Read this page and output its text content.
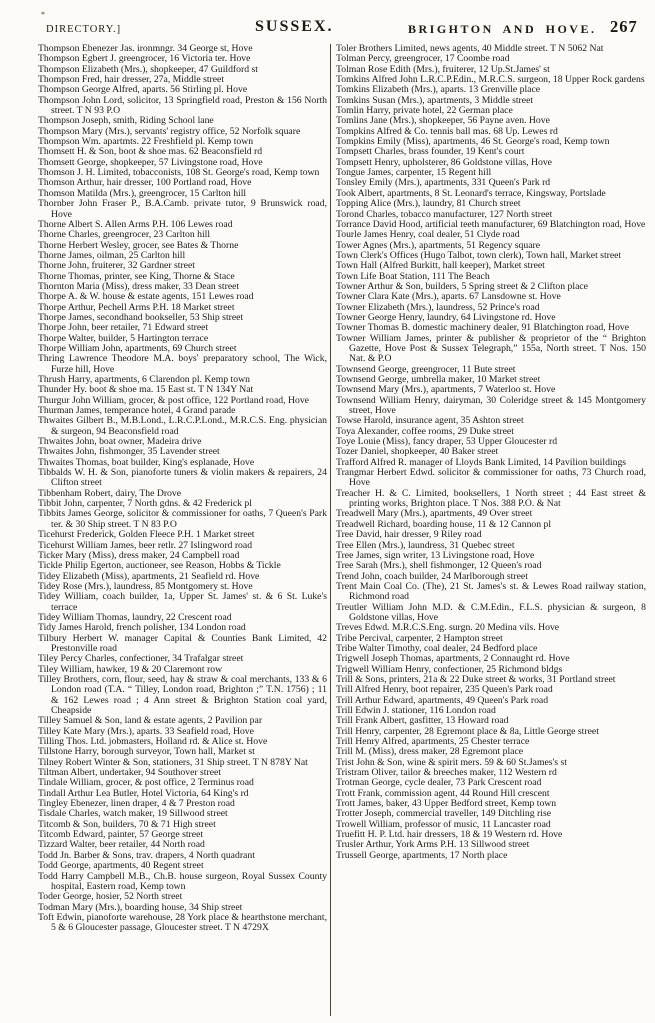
*
DIRECTORY.]	SUSSEX.	BRIGHTON AND HOVE. 267
Thompson Ebenezer Jas. ironmngr. 34 George st, Hove
Thompson Egbert J. greengrocer, 16 Victoria ter. Hove
Thompson Elizabeth (Mrs.), shopkeeper, 47 Guildford st
Thompson Fred, hair dresser, 27a, Middle street
Thompson George Alfred, aparts. 56 Stirling pl. Hove
Thompson John Lord, solicitor, 13 Springfield road, Preston & 156 North street. T N 93 P.O
Thompson Joseph, smith, Riding School lane
Thompson Mary (Mrs.), servants' registry office, 52 Norfolk square
Thompson Wm. apartmts. 22 Freshfield pl. Kemp town
Thomsett H. & Son, boot & shoe mas. 62 Beaconsfield rd
Thomsett George, shopkeeper, 57 Livingstone road, Hove
Thomson J. H. Limited, tobacconists, 108 St. George's road, Kemp town
Thomson Arthur, hair dresser, 100 Portland road, Hove
Thomson Matilda (Mrs.), greengrocer, 15 Carlton hill
Thornber John Fraser P., B.A.Camb. private tutor, 9 Brunswick road, Hove
Thorne Albert S. Allen Arms P.H. 106 Lewes road
Thorne Charles, greengrocer, 23 Carlton hill
Thorne Herbert Wesley, grocer, see Bates & Thorne
Thorne James, oilman, 25 Carlton hill
Thorne John, fruiterer, 32 Gardner street
Thorne Thomas, printer, see King, Thorne & Stace
Thornton Maria (Miss), dress maker, 33 Dean street
Thorpe A. & W. house & estate agents, 151 Lewes road
Thorpe Arthur, Pechell Arms P.H. 18 Market street
Thorpe James, secondhand bookseller, 53 Ship street
Thorpe John, beer retailer, 71 Edward street
Thorpe Walter, builder, 5 Hartington terrace
Thorpe William John, apartments, 69 Church street
Thring Lawrence Theodore M.A. boys' preparatory school, The Wick, Furze hill, Hove
Thrush Harry, apartments, 6 Clarendon pl. Kemp town
Thunder Hy. boot & shoe ma. 15 East st. T N 134Y Nat
Thurgur John William, grocer, & post office, 122 Portland road, Hove
Thurman James, temperance hotel, 4 Grand parade
Thwaites Gilbert B., M.B.Lond., L.R.C.P.Lond., M.R.C.S. Eng. physician & surgeon, 94 Beaconsfield road
Thwaites John, boat owner, Madeira drive
Thwaites John, fishmonger, 35 Lavender street
Thwaites Thomas, boat builder, King's esplanade, Hove
Tibbalds W. H. & Son, pianoforte tuners & violin makers & repairers, 24 Clifton street
Tibbenham Robert, dairy, The Drove
Tibbit John, carpenter, 7 North gdns. & 42 Frederick pl
Tibbits James George, solicitor & commissioner for oaths, 7 Queen's Park ter. & 30 Ship street. T N 83 P.O
Ticehurst Frederick, Golden Fleece P.H. 1 Market street
Ticehurst William James, beer retlr. 27 Islingword road
Ticker Mary (Miss), dress maker, 24 Campbell road
Tickle Philip Egerton, auctioneer, see Reason, Hobbs & Tickle
Tidey Elizabeth (Miss), apartments, 21 Seafield rd. Hove
Tidey Rose (Mrs.), laundress, 85 Montgomery st. Hove
Tidey William, coach builder, 1a, Upper St. James' st. & 6 St. Luke's terrace
Tidey William Thomas, laundry, 22 Crescent road
Tidy James Harold, french polisher, 134 London road
Tilbury Herbert W. manager Capital & Counties Bank Limited, 42 Prestonville road
Tiley Percy Charles, confectioner, 34 Trafalgar street
Tiley William, hawker, 19 & 20 Claremont row
Tilley Brothers, corn, flour, seed, hay & straw & coal merchants, 133 & 6 London road (T.A. “ Tilley, London road, Brighton ;” T.N. 1756) ; 11 & 162 Lewes road ; 4 Ann street & Brighton Station coal yard, Cheapside
Tilley Samuel & Son, land & estate agents, 2 Pavilion par
Tilley Kate Mary (Mrs.), aparts. 33 Seafield road, Hove
Tilling Thos. Ltd. jobmasters, Holland rd. & Alice st. Hove
Tillstone Harry, borough surveyor, Town hall, Market st
Tilney Robert Winter & Son, stationers, 31 Ship street. T N 878Y Nat
Tiltman Albert, undertaker, 94 Southover street
Tindale William, grocer, & post office, 2 Terminus road
Tindall Arthur Lea Butler, Hotel Victoria, 64 King's rd
Tingley Ebenezer, linen draper, 4 & 7 Preston road
Tisdale Charles, watch maker, 19 Sillwood street
Titcomb & Son, builders, 70 & 71 High street
Titcomb Edward, painter, 57 George street
Tizzard Walter, beer retailer, 44 North road
Todd Jn. Barber & Sons, trav. drapers, 4 North quadrant
Todd George, apartments, 40 Regent street
Todd Harry Campbell M.B., Ch.B. house surgeon, Royal Sussex County hospital, Eastern road, Kemp town
Toder George, hosier, 52 North street
Todman Mary (Mrs.), boarding house, 34 Ship street
Toft Edwin, pianoforte warehouse, 28 York place & hearthstone merchant, 5 & 6 Gloucester passage, Gloucester street. T N 4729X
Toler Brothers Limited, news agents, 40 Middle street. T N 5062 Nat
Tolman Percy, greengrocer, 17 Coombe road
Tolman Rose Edith (Mrs.), fruiterer, 12 Up.St.James' st
Tomkins Alfred John L.R.C.P.Edin., M.R.C.S. surgeon, 18 Upper Rock gardens
Tomkins Elizabeth (Mrs.), aparts. 13 Grenville place
Tomkins Susan (Mrs.), apartments, 3 Middle street
Tomlin Harry, private hotel, 22 German place
Tomlins Jane (Mrs.), shopkeeper, 56 Payne aven. Hove
Tompkins Alfred & Co. tennis ball mas. 68 Up. Lewes rd
Tompkins Emily (Miss), apartments, 46 St. George's road, Kemp town
Tompsett Charles, brass founder, 19 Kent's court
Tompsett Henry, upholsterer, 86 Goldstone villas, Hove
Tongue James, carpenter, 15 Regent hill
Tonsley Emily (Mrs.), apartments, 331 Queen's Park rd
Took Albert, apartments, 8 St. Leonard's terrace, Kingsway, Portslade
Topping Alice (Mrs.), laundry, 81 Church street
Torond Charles, tobacco manufacturer, 127 North street
Torrance David Hood, artificial teeth manufacturer, 69 Blatchington road, Hove
Tourle James Henry, coal dealer, 51 Clyde road
Tower Agnes (Mrs.), apartments, 51 Regency square
Town Clerk's Offices (Hugo Talbot, town clerk), Town hall, Market street
Town Hall (Alfred Burkitt, hall keeper), Market street
Town Life Boat Station, 111 The Beach
Towner Arthur & Son, builders, 5 Spring street & 2 Clifton place
Towner Clara Kate (Mrs.), aparts. 67 Lansdowne st. Hove
Towner Elizabeth (Mrs.), laundress, 52 Prince's road
Towner George Henry, laundry, 64 Livingstone rd. Hove
Towner Thomas B. domestic machinery dealer, 91 Blatchington road, Hove
Towner William James, printer & publisher & proprietor of the “ Brighton Gazette, Hove Post & Sussex Telegraph,” 155a, North street. T Nos. 150 Nat. & P.O
Townsend George, greengrocer, 11 Bute street
Townsend George, umbrella maker, 10 Market street
Townsend Mary (Mrs.), apartments, 7 Waterloo st. Hove
Townsend William Henry, dairyman, 30 Coleridge street & 145 Montgomery street, Hove
Towse Harold, insurance agent, 35 Ashton street
Toya Alexander, coffee rooms, 29 Duke street
Toye Louie (Miss), fancy draper, 53 Upper Gloucester rd
Tozer Daniel, shopkeeper, 40 Baker street
Trafford Alfred R. manager of Lloyds Bank Limited, 14 Pavilion buildings
Trangmar Herbert Edwd. solicitor & commissioner for oaths, 73 Church road, Hove
Treacher H. & C. Limited, booksellers, 1 North street ; 44 East street & printing works, Brighton place. T Nos. 388 P.O. & Nat
Treadwell Mary (Mrs.), apartments, 49 Over street
Treadwell Richard, boarding house, 11 & 12 Cannon pl
Tree David, hair dresser, 9 Riley road
Tree Ellen (Mrs.), laundress, 31 Quebec street
Tree James, sign writer, 13 Livingstone road, Hove
Tree Sarah (Mrs.), shell fishmonger, 12 Queen's road
Trend John, coach builder, 24 Marlborough street
Trent Main Coal Co. (The), 21 St. James's st. & Lewes Road railway station, Richmond road
Treutler William John M.D. & C.M.Edin., F.L.S. physician & surgeon, 8 Goldstone villas, Hove
Treves Edwd. M.R.C.S.Eng. surgn. 20 Medina vils. Hove
Tribe Percival, carpenter, 2 Hampton street
Tribe Walter Timothy, coal dealer, 24 Bedford place
Trigwell Joseph Thomas, apartments, 2 Connaught rd. Hove
Trigwell William Henry, confectioner, 25 Richmond bldgs
Trill & Sons, printers, 21a & 22 Duke street & works, 31 Portland street
Trill Alfred Henry, boot repairer, 235 Queen's Park road
Trill Arthur Edward, apartments, 49 Queen's Park road
Trill Edwin J. stationer, 116 London road
Trill Frank Albert, gasfitter, 13 Howard road
Trill Henry, carpenter, 28 Egremont place & 8a, Little George street
Trill Henry Alfred, apartments, 25 Chester terrace
Trill M. (Miss), dress maker, 28 Egremont place
Trist John & Son, wine & spirit mers. 59 & 60 St.James's st
Tristram Oliver, tailor & breeches maker, 112 Western rd
Trotman George, cycle dealer, 73 Park Crescent road
Trott Frank, commission agent, 44 Round Hill crescent
Trott James, baker, 43 Upper Bedford street, Kemp town
Trotter Joseph, commercial traveller, 149 Ditchling rise
Trowell William, professor of music, 11 Lancaster road
Truefitt H. P. Ltd. hair dressers, 18 & 19 Western rd. Hove
Trusler Arthur, York Arms P.H. 13 Sillwood street
Trussell George, apartments, 17 North place
